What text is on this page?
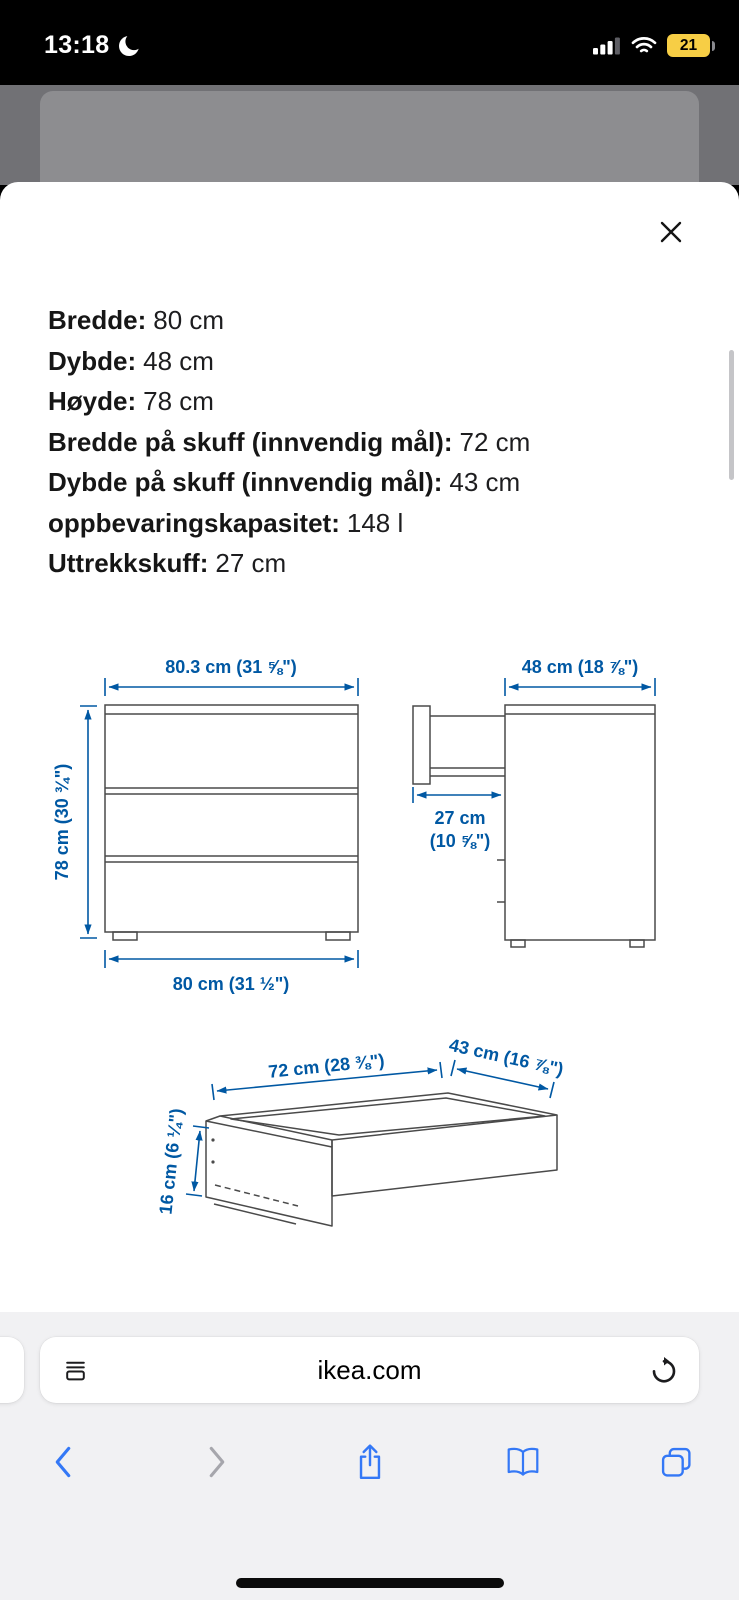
13:18	21
Bredde: 80 cm
Dybde: 48 cm
Høyde: 78 cm
Bredde på skuff (innvendig mål): 72 cm
Dybde på skuff (innvendig mål): 43 cm
oppbevaringskapasitet: 148 l
Uttrekkskuff: 27 cm
80.3 cm (31 ⅝")
78 cm (30 ¾")
80 cm (31 ½")
48 cm (18 ⅞")
27 cm
(10 ⅝")
72 cm (28 ⅜")	43 cm (16 ⅞")
16 cm (6 ¼")
ikea.com
